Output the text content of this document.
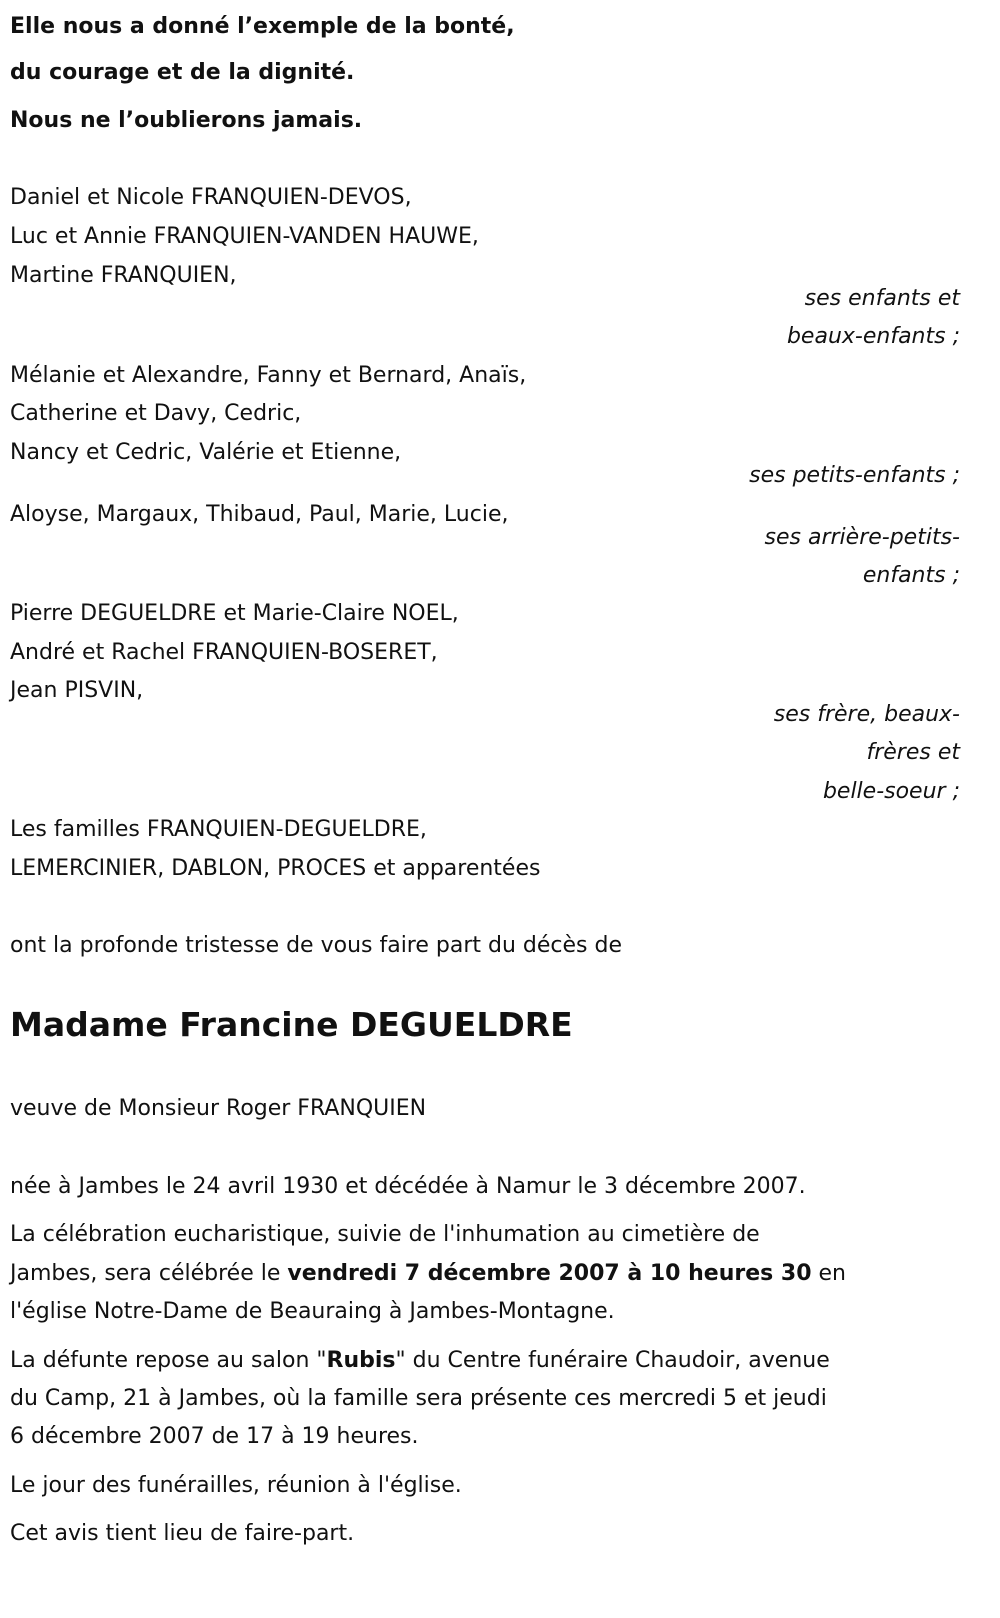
Elle nous a donné l’exemple de la bonté,
du courage et de la dignité.
Nous ne l’oublierons jamais.
Daniel et Nicole FRANQUIEN-DEVOS,
Luc et Annie FRANQUIEN-VANDEN HAUWE,
Martine FRANQUIEN,
ses enfants et
beaux-enfants ;
Mélanie et Alexandre, Fanny et Bernard, Anaïs,
Catherine et Davy, Cedric,
Nancy et Cedric, Valérie et Etienne,
ses petits-enfants ;
Aloyse, Margaux, Thibaud, Paul, Marie, Lucie,
ses arrière-petits-
enfants ;
Pierre DEGUELDRE et Marie-Claire NOEL,
André et Rachel FRANQUIEN-BOSERET,
Jean PISVIN,
ses frère, beaux-
frères et
belle-soeur ;
Les familles FRANQUIEN-DEGUELDRE,
LEMERCINIER, DABLON, PROCES et apparentées
ont la profonde tristesse de vous faire part du décès de
Madame Francine DEGUELDRE
veuve de Monsieur Roger FRANQUIEN
née à Jambes le 24 avril 1930 et décédée à Namur le 3 décembre 2007.
La célébration eucharistique, suivie de l'inhumation au cimetière de
Jambes, sera célébrée le vendredi 7 décembre 2007 à 10 heures 30 en
l'église Notre-Dame de Beauraing à Jambes-Montagne.
La défunte repose au salon "Rubis" du Centre funéraire Chaudoir, avenue
du Camp, 21 à Jambes, où la famille sera présente ces mercredi 5 et jeudi
6 décembre 2007 de 17 à 19 heures.
Le jour des funérailles, réunion à l'église.
Cet avis tient lieu de faire-part.
